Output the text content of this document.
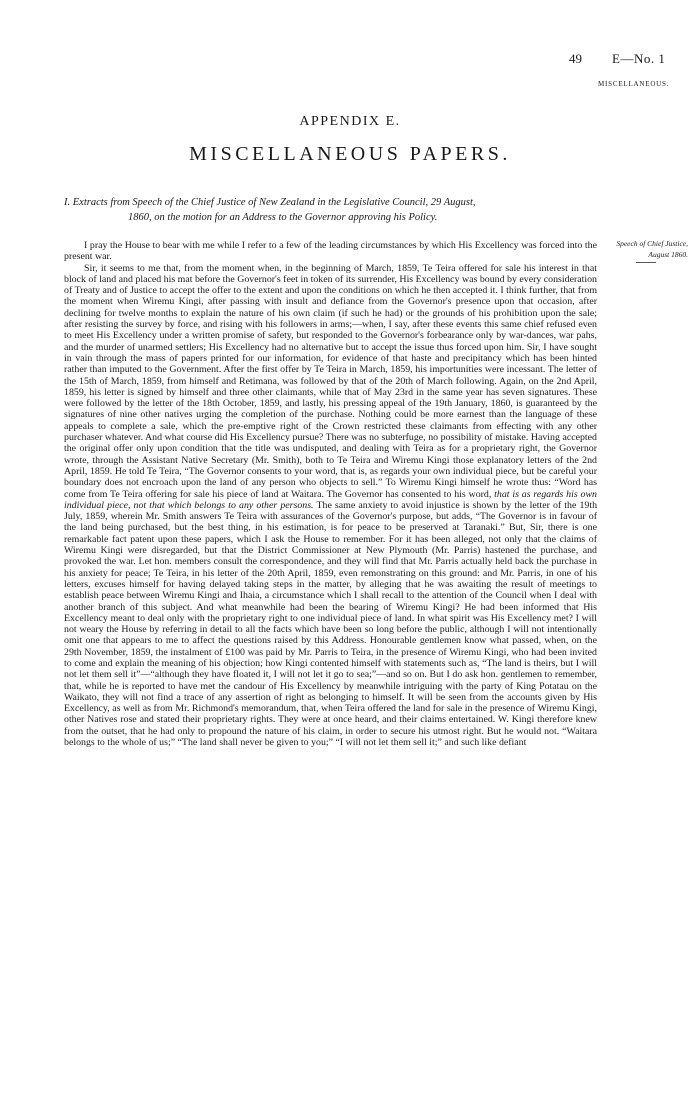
49 E—No. 1
MISCELLANEOUS.
APPENDIX E.
MISCELLANEOUS PAPERS.
I. Extracts from Speech of the Chief Justice of New Zealand in the Legislative Council, 29 August,
1860, on the motion for an Address to the Governor approving his Policy.
Speech of Chief Justice, August 1860.

I pray the House to bear with me while I refer to a few of the leading circumstances by which His Excellency was forced into the present war.

Sir, it seems to me that, from the moment when, in the beginning of March, 1859, Te Teira offered for sale his interest in that block of land and placed his mat before the Governor's feet in token of its surrender, His Excellency was bound by every consideration of Treaty and of Justice to accept the offer to the extent and upon the conditions on which he then accepted it. I think further, that from the moment when Wiremu Kingi, after passing with insult and defiance from the Governor's presence upon that occasion, after declining for twelve months to explain the nature of his own claim (if such he had) or the grounds of his prohibition upon the sale; after resisting the survey by force, and rising with his followers in arms;—when, I say, after these events this same chief refused even to meet His Excellency under a written promise of safety, but responded to the Governor's forbearance only by war-dances, war pahs, and the murder of unarmed settlers; His Excellency had no alternative but to accept the issue thus forced upon him. Sir, I have sought in vain through the mass of papers printed for our information, for evidence of that haste and precipitancy which has been hinted rather than imputed to the Government. After the first offer by Te Teira in March, 1859, his importunities were incessant. The letter of the 15th of March, 1859, from himself and Retimana, was followed by that of the 20th of March following. Again, on the 2nd April, 1859, his letter is signed by himself and three other claimants, while that of May 23rd in the same year has seven signatures. These were followed by the letter of the 18th October, 1859, and lastly, his pressing appeal of the 19th January, 1860, is guaranteed by the signatures of nine other natives urging the completion of the purchase. Nothing could be more earnest than the language of these appeals to complete a sale, which the pre-emptive right of the Crown restricted these claimants from effecting with any other purchaser whatever. And what course did His Excellency pursue? There was no subterfuge, no possibility of mistake. Having accepted the original offer only upon condition that the title was undisputed, and dealing with Teira as for a proprietary right, the Governor wrote, through the Assistant Native Secretary (Mr. Smith), both to Te Teira and Wiremu Kingi those explanatory letters of the 2nd April, 1859. He told Te Teira, “The Governor consents to your word, that is, as regards your own individual piece, but be careful your boundary does not encroach upon the land of any person who objects to sell.” To Wiremu Kingi himself he wrote thus: “Word has come from Te Teira offering for sale his piece of land at Waitara. The Governor has consented to his word, that is as regards his own individual piece, not that which belongs to any other persons. The same anxiety to avoid injustice is shown by the letter of the 19th July, 1859, wherein Mr. Smith answers Te Teira with assurances of the Governor's purpose, but adds, “The Governor is in favour of the land being purchased, but the best thing, in his estimation, is for peace to be preserved at Taranaki.” But, Sir, there is one remarkable fact patent upon these papers, which I ask the House to remember. For it has been alleged, not only that the claims of Wiremu Kingi were disregarded, but that the District Commissioner at New Plymouth (Mr. Parris) hastened the purchase, and provoked the war. Let hon. members consult the correspondence, and they will find that Mr. Parris actually held back the purchase in his anxiety for peace; Te Teira, in his letter of the 20th April, 1859, even remonstrating on this ground: and Mr. Parris, in one of his letters, excuses himself for having delayed taking steps in the matter, by alleging that he was awaiting the result of meetings to establish peace between Wiremu Kingi and Ihaia, a circumstance which I shall recall to the attention of the Council when I deal with another branch of this subject. And what meanwhile had been the bearing of Wiremu Kingi? He had been informed that His Excellency meant to deal only with the proprietary right to one individual piece of land. In what spirit was His Excellency met? I will not weary the House by referring in detail to all the facts which have been so long before the public, although I will not intentionally omit one that appears to me to affect the questions raised by this Address. Honourable gentlemen know what passed, when, on the 29th November, 1859, the instalment of £100 was paid by Mr. Parris to Teira, in the presence of Wiremu Kingi, who had been invited to come and explain the meaning of his objection; how Kingi contented himself with statements such as, “The land is theirs, but I will not let them sell it”—“although they have floated it, I will not let it go to sea;”—and so on. But I do ask hon. gentlemen to remember, that, while he is reported to have met the candour of His Excellency by meanwhile intriguing with the party of King Potatau on the Waikato, they will not find a trace of any assertion of right as belonging to himself. It will be seen from the accounts given by His Excellency, as well as from Mr. Richmond's memorandum, that, when Teira offered the land for sale in the presence of Wiremu Kingi, other Natives rose and stated their proprietary rights. They were at once heard, and their claims entertained. W. Kingi therefore knew from the outset, that he had only to propound the nature of his claim, in order to secure his utmost right. But he would not. “Waitara belongs to the whole of us;” “The land shall never be given to you;” “I will not let them sell it;” and such like defiant
